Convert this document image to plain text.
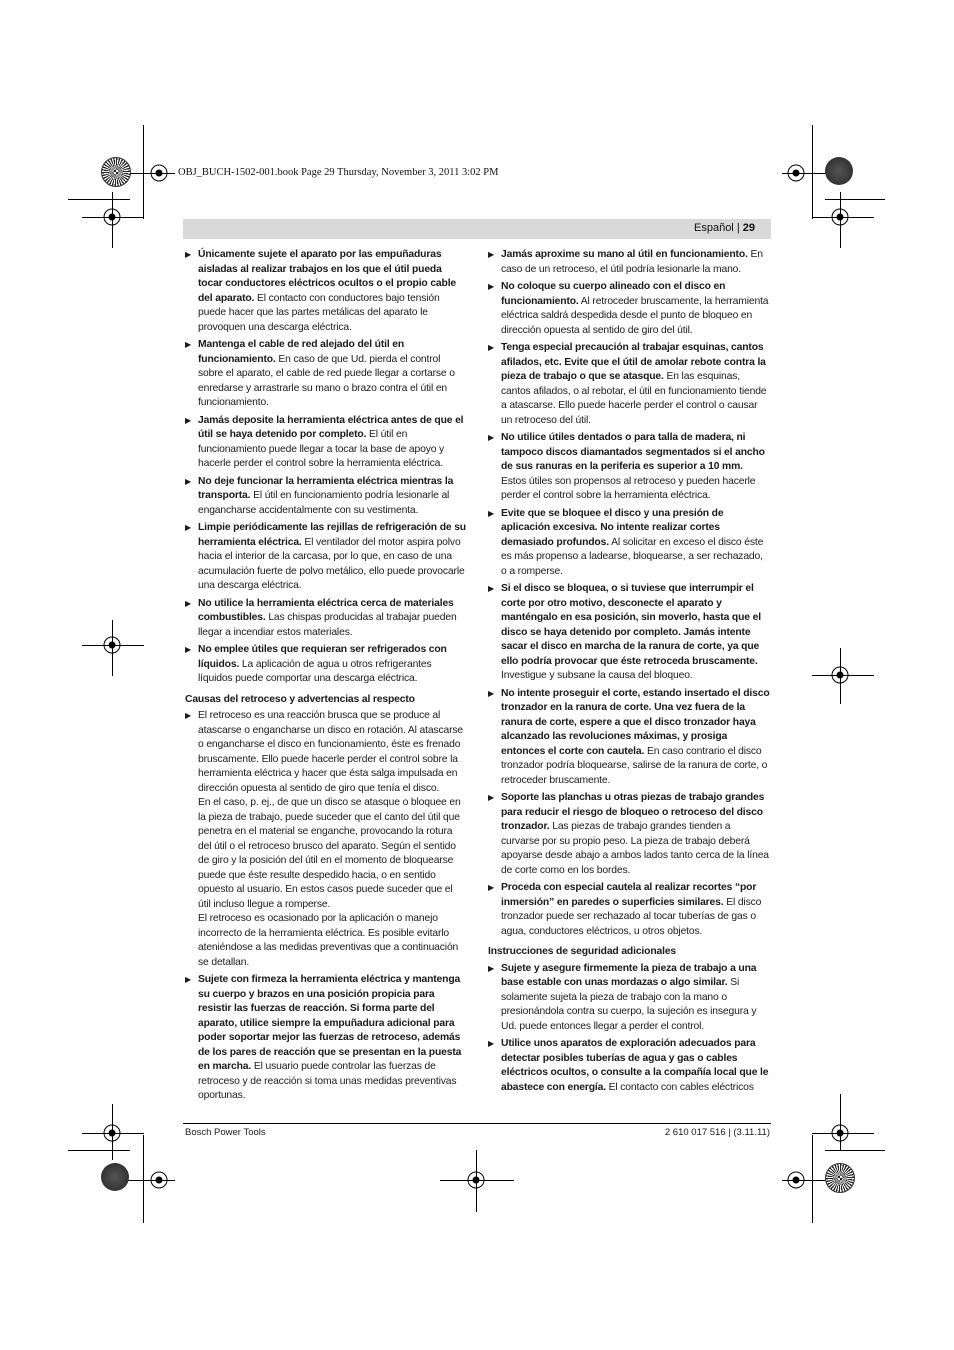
OBJ_BUCH-1502-001.book Page 29 Thursday, November 3, 2011 3:02 PM
Español | 29
▶ Únicamente sujete el aparato por las empuñaduras aisladas al realizar trabajos en los que el útil pueda tocar conductores eléctricos ocultos o el propio cable del aparato. El contacto con conductores bajo tensión puede hacer que las partes metálicas del aparato le provoquen una descarga eléctrica.
▶ Mantenga el cable de red alejado del útil en funcionamiento. En caso de que Ud. pierda el control sobre el aparato, el cable de red puede llegar a cortarse o enredarse y arrastrarle su mano o brazo contra el útil en funcionamiento.
▶ Jamás deposite la herramienta eléctrica antes de que el útil se haya detenido por completo. El útil en funcionamiento puede llegar a tocar la base de apoyo y hacerle perder el control sobre la herramienta eléctrica.
▶ No deje funcionar la herramienta eléctrica mientras la transporta. El útil en funcionamiento podría lesionarle al engancharse accidentalmente con su vestimenta.
▶ Limpie periódicamente las rejillas de refrigeración de su herramienta eléctrica. El ventilador del motor aspira polvo hacia el interior de la carcasa, por lo que, en caso de una acumulación fuerte de polvo metálico, ello puede provocarle una descarga eléctrica.
▶ No utilice la herramienta eléctrica cerca de materiales combustibles. Las chispas producidas al trabajar pueden llegar a incendiar estos materiales.
▶ No emplee útiles que requieran ser refrigerados con líquidos. La aplicación de agua u otros refrigerantes líquidos puede comportar una descarga eléctrica.
Causas del retroceso y advertencias al respecto
▶ El retroceso es una reacción brusca que se produce al atascarse o engancharse un disco en rotación. Al atascarse o engancharse el disco en funcionamiento, éste es frenado bruscamente. Ello puede hacerle perder el control sobre la herramienta eléctrica y hacer que ésta salga impulsada en dirección opuesta al sentido de giro que tenía el disco.
En el caso, p. ej., de que un disco se atasque o bloquee en la pieza de trabajo, puede suceder que el canto del útil que penetra en el material se enganche, provocando la rotura del útil o el retroceso brusco del aparato. Según el sentido de giro y la posición del útil en el momento de bloquearse puede que éste resulte despedido hacia, o en sentido opuesto al usuario. En estos casos puede suceder que el útil incluso llegue a romperse.
El retroceso es ocasionado por la aplicación o manejo incorrecto de la herramienta eléctrica. Es posible evitarlo ateniéndose a las medidas preventivas que a continuación se detallan.
▶ Sujete con firmeza la herramienta eléctrica y mantenga su cuerpo y brazos en una posición propicia para resistir las fuerzas de reacción. Si forma parte del aparato, utilice siempre la empuñadura adicional para poder soportar mejor las fuerzas de retroceso, además de los pares de reacción que se presentan en la puesta en marcha. El usuario puede controlar las fuerzas de retroceso y de reacción si toma unas medidas preventivas oportunas.
▶ Jamás aproxime su mano al útil en funcionamiento. En caso de un retroceso, el útil podría lesionarle la mano.
▶ No coloque su cuerpo alineado con el disco en funcionamiento. Al retroceder bruscamente, la herramienta eléctrica saldrá despedida desde el punto de bloqueo en dirección opuesta al sentido de giro del útil.
▶ Tenga especial precaución al trabajar esquinas, cantos afilados, etc. Evite que el útil de amolar rebote contra la pieza de trabajo o que se atasque. En las esquinas, cantos afilados, o al rebotar, el útil en funcionamiento tiende a atascarse. Ello puede hacerle perder el control o causar un retroceso del útil.
▶ No utilice útiles dentados o para talla de madera, ni tampoco discos diamantados segmentados si el ancho de sus ranuras en la periferia es superior a 10 mm. Estos útiles son propensos al retroceso y pueden hacerle perder el control sobre la herramienta eléctrica.
▶ Evite que se bloquee el disco y una presión de aplicación excesiva. No intente realizar cortes demasiado profundos. Al solicitar en exceso el disco éste es más propenso a ladearse, bloquearse, a ser rechazado, o a romperse.
▶ Si el disco se bloquea, o si tuviese que interrumpir el corte por otro motivo, desconecte el aparato y manténgalo en esa posición, sin moverlo, hasta que el disco se haya detenido por completo. Jamás intente sacar el disco en marcha de la ranura de corte, ya que ello podría provocar que éste retroceda bruscamente. Investigue y subsane la causa del bloqueo.
▶ No intente proseguir el corte, estando insertado el disco tronzador en la ranura de corte. Una vez fuera de la ranura de corte, espere a que el disco tronzador haya alcanzado las revoluciones máximas, y prosiga entonces el corte con cautela. En caso contrario el disco tronzador podría bloquearse, salirse de la ranura de corte, o retroceder bruscamente.
▶ Soporte las planchas u otras piezas de trabajo grandes para reducir el riesgo de bloqueo o retroceso del disco tronzador. Las piezas de trabajo grandes tienden a curvarse por su propio peso. La pieza de trabajo deberá apoyarse desde abajo a ambos lados tanto cerca de la línea de corte como en los bordes.
▶ Proceda con especial cautela al realizar recortes “por inmersión” en paredes o superficies similares. El disco tronzador puede ser rechazado al tocar tuberías de gas o agua, conductores eléctricos, u otros objetos.
Instrucciones de seguridad adicionales
▶ Sujete y asegure firmemente la pieza de trabajo a una base estable con unas mordazas o algo similar. Si solamente sujeta la pieza de trabajo con la mano o presionándola contra su cuerpo, la sujeción es insegura y Ud. puede entonces llegar a perder el control.
▶ Utilice unos aparatos de exploración adecuados para detectar posibles tuberías de agua y gas o cables eléctricos ocultos, o consulte a la compañía local que le abastece con energía. El contacto con cables eléctricos
Bosch Power Tools	2 610 017 516 | (3.11.11)
